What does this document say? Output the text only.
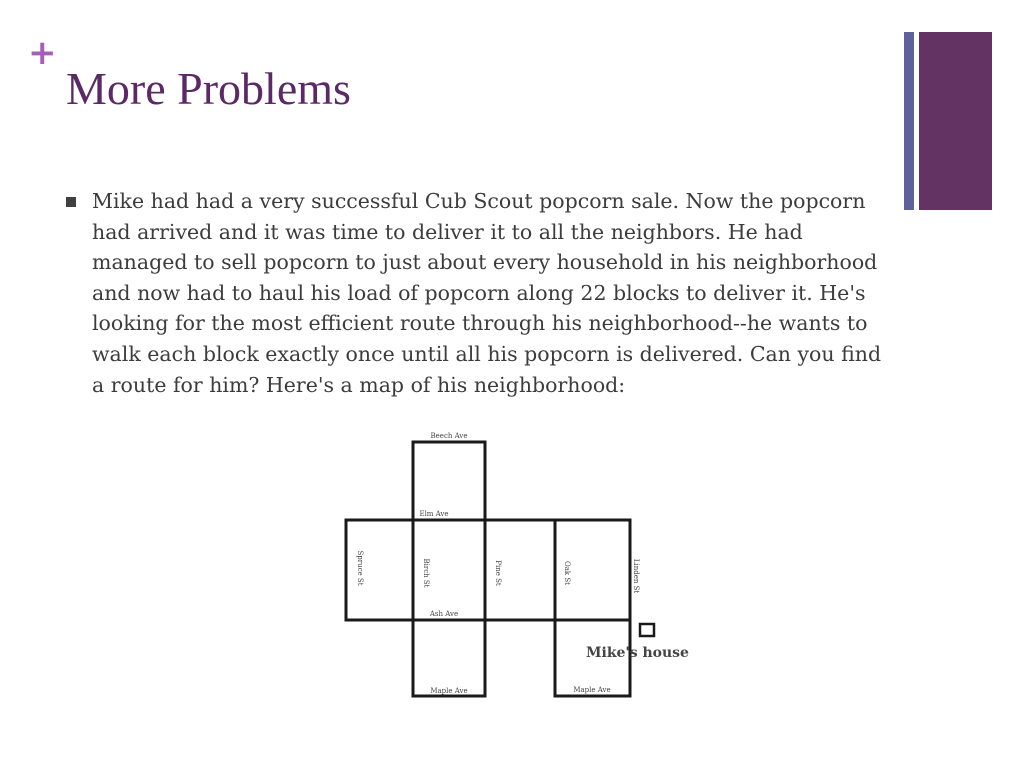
+
More Problems

Mike had had a very successful Cub Scout popcorn sale. Now the popcorn had arrived and it was time to deliver it to all the neighbors. He had managed to sell popcorn to just about every household in his neighborhood and now had to haul his load of popcorn along 22 blocks to deliver it. He's looking for the most efficient route through his neighborhood--he wants to walk each block exactly once until all his popcorn is delivered. Can you find a route for him? Here's a map of his neighborhood:

Beech Ave
Elm Ave
Ash Ave
Maple Ave	Maple Ave
Spruce St	Birch St	Pine St	Oak St	Linden St
Mike's house
